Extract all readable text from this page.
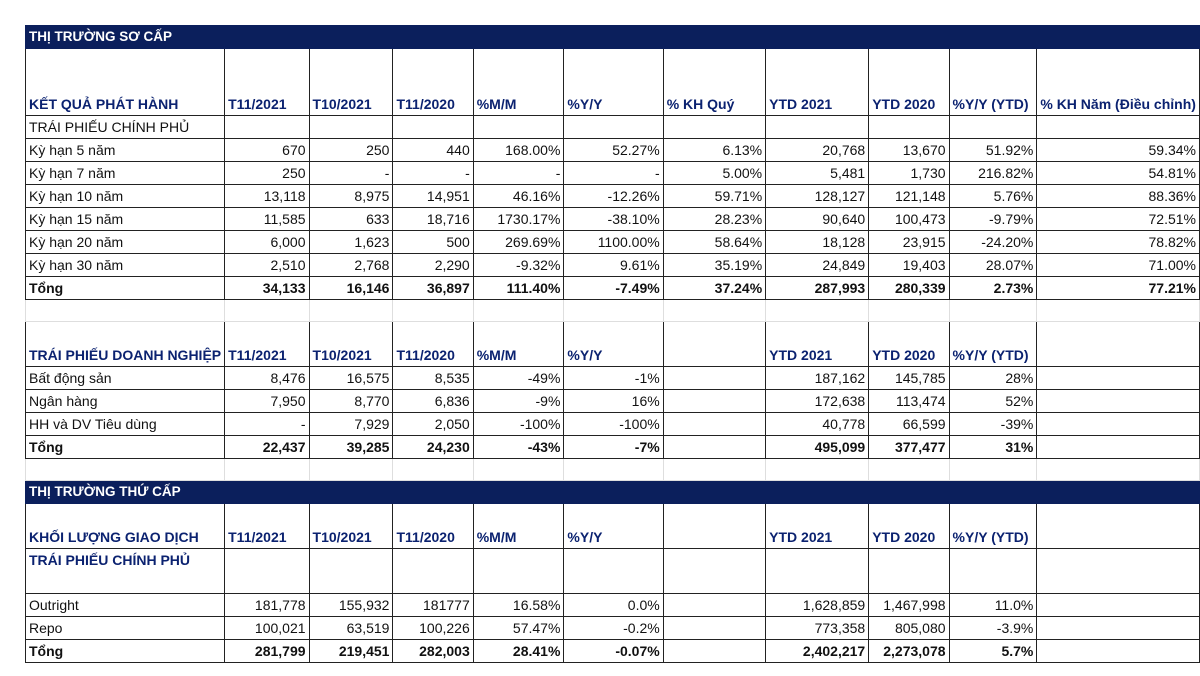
THỊ TRƯỜNG SƠ CẤP										
KẾT QUẢ PHÁT HÀNH	T11/2021	T10/2021	T11/2020	%M/M	%Y/Y	% KH Quý	YTD 2021	YTD 2020	%Y/Y (YTD)	% KH Năm (Điều chỉnh)
TRÁI PHIẾU CHÍNH PHỦ										
Kỳ hạn 5 năm	670	250	440	168.00%	52.27%	6.13%	20,768	13,670	51.92%	59.34%
Kỳ hạn 7 năm	250	-	-	-	-	5.00%	5,481	1,730	216.82%	54.81%
Kỳ hạn 10 năm	13,118	8,975	14,951	46.16%	-12.26%	59.71%	128,127	121,148	5.76%	88.36%
Kỳ hạn 15 năm	11,585	633	18,716	1730.17%	-38.10%	28.23%	90,640	100,473	-9.79%	72.51%
Kỳ hạn 20 năm	6,000	1,623	500	269.69%	1100.00%	58.64%	18,128	23,915	-24.20%	78.82%
Kỳ hạn 30 năm	2,510	2,768	2,290	-9.32%	9.61%	35.19%	24,849	19,403	28.07%	71.00%
Tổng	34,133	16,146	36,897	111.40%	-7.49%	37.24%	287,993	280,339	2.73%	77.21%

TRÁI PHIẾU DOANH NGHIỆP	T11/2021	T10/2021	T11/2020	%M/M	%Y/Y		YTD 2021	YTD 2020	%Y/Y (YTD)	
Bất động sản	8,476	16,575	8,535	-49%	-1%		187,162	145,785	28%	
Ngân hàng	7,950	8,770	6,836	-9%	16%		172,638	113,474	52%	
HH và DV Tiêu dùng	-	7,929	2,050	-100%	-100%		40,778	66,599	-39%	
Tổng	22,437	39,285	24,230	-43%	-7%		495,099	377,477	31%	

THỊ TRƯỜNG THỨ CẤP										
KHỐI LƯỢNG GIAO DỊCH	T11/2021	T10/2021	T11/2020	%M/M	%Y/Y		YTD 2021	YTD 2020	%Y/Y (YTD)	
TRÁI PHIẾU CHÍNH PHỦ										
Outright	181,778	155,932	181777	16.58%	0.0%		1,628,859	1,467,998	11.0%	
Repo	100,021	63,519	100,226	57.47%	-0.2%		773,358	805,080	-3.9%	
Tổng	281,799	219,451	282,003	28.41%	-0.07%		2,402,217	2,273,078	5.7%	
